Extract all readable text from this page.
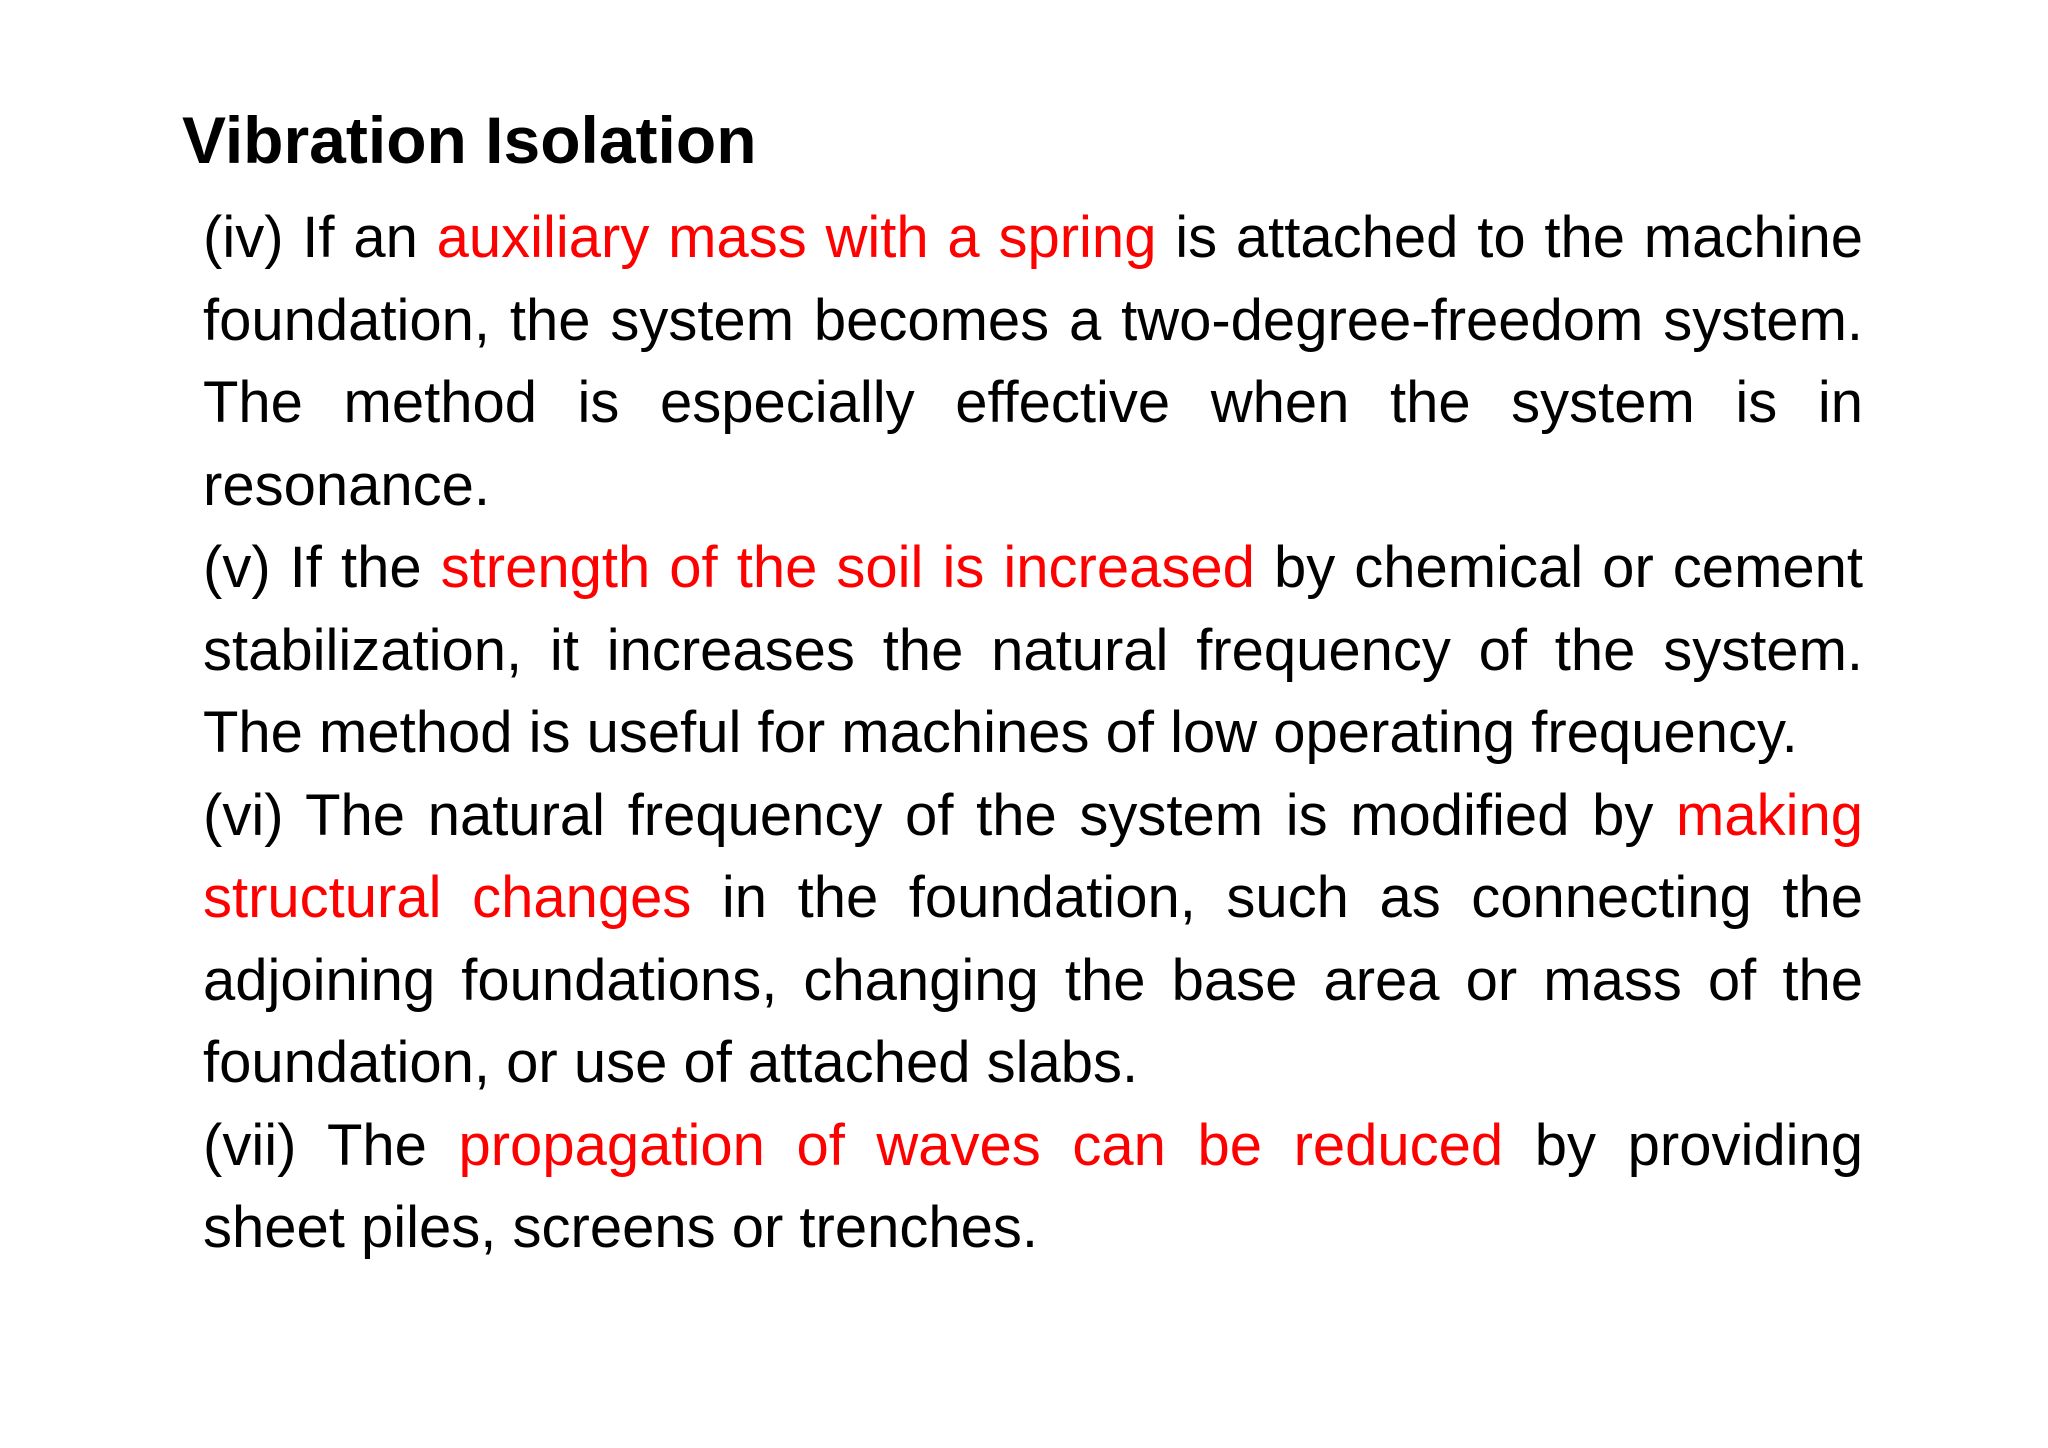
Vibration Isolation

(iv) If an auxiliary mass with a spring is attached to the machine foundation, the system becomes a two-degree-freedom system. The method is especially effective when the system is in resonance.

(v) If the strength of the soil is increased by chemical or cement stabilization, it increases the natural frequency of the system. The method is useful for machines of low operating frequency.

(vi) The natural frequency of the system is modified by making structural changes in the foundation, such as connecting the adjoining foundations, changing the base area or mass of the foundation, or use of attached slabs.

(vii) The propagation of waves can be reduced by providing sheet piles, screens or trenches.
